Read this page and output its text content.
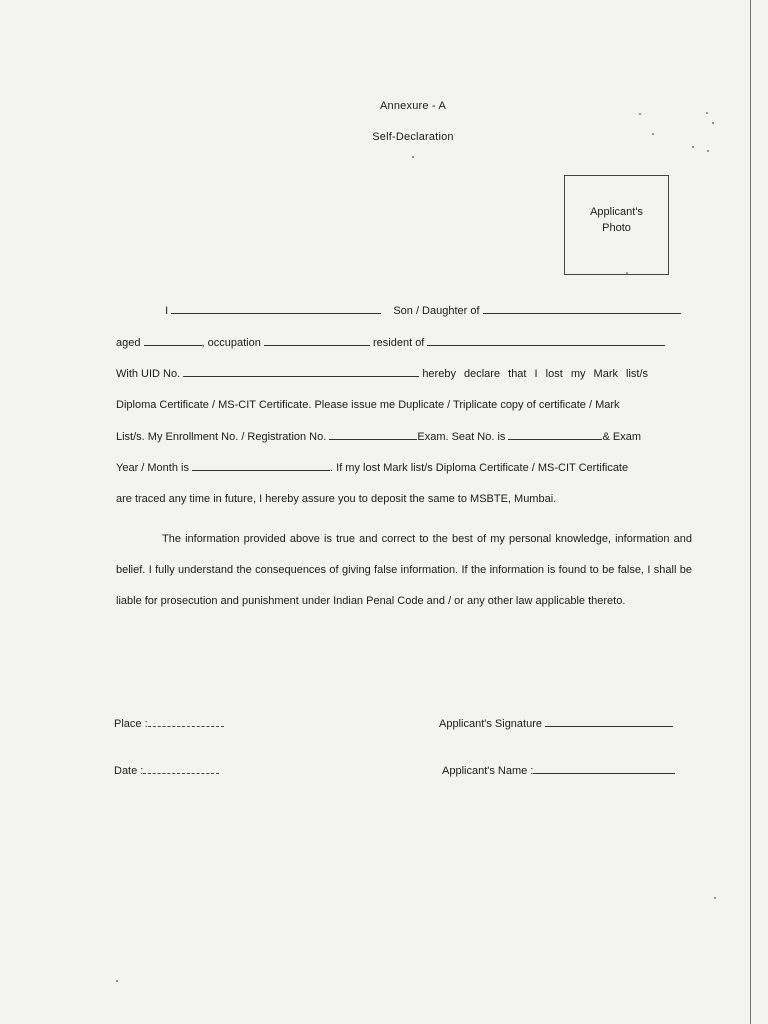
Annexure - A
Self-Declaration
Applicant's
Photo
I	Son / Daughter of
aged	, occupation	resident of
With UID No.	hereby declare that I lost my Mark list/s
Diploma Certificate / MS-CIT Certificate. Please issue me Duplicate / Triplicate copy of certificate / Mark
List/s. My Enrollment No. / Registration No.	Exam. Seat No. is	& Exam
Year / Month is	. If my lost Mark list/s Diploma Certificate / MS-CIT Certificate
are traced any time in future, I hereby assure you to deposit the same to MSBTE, Mumbai.
The information provided above is true and correct to the best of my personal knowledge, information and belief. I fully understand the consequences of giving false information. If the information is found to be false, I shall be liable for prosecution and punishment under Indian Penal Code and / or any other law applicable thereto.
Place :
Date :
Applicant's Signature
Applicant's Name :
